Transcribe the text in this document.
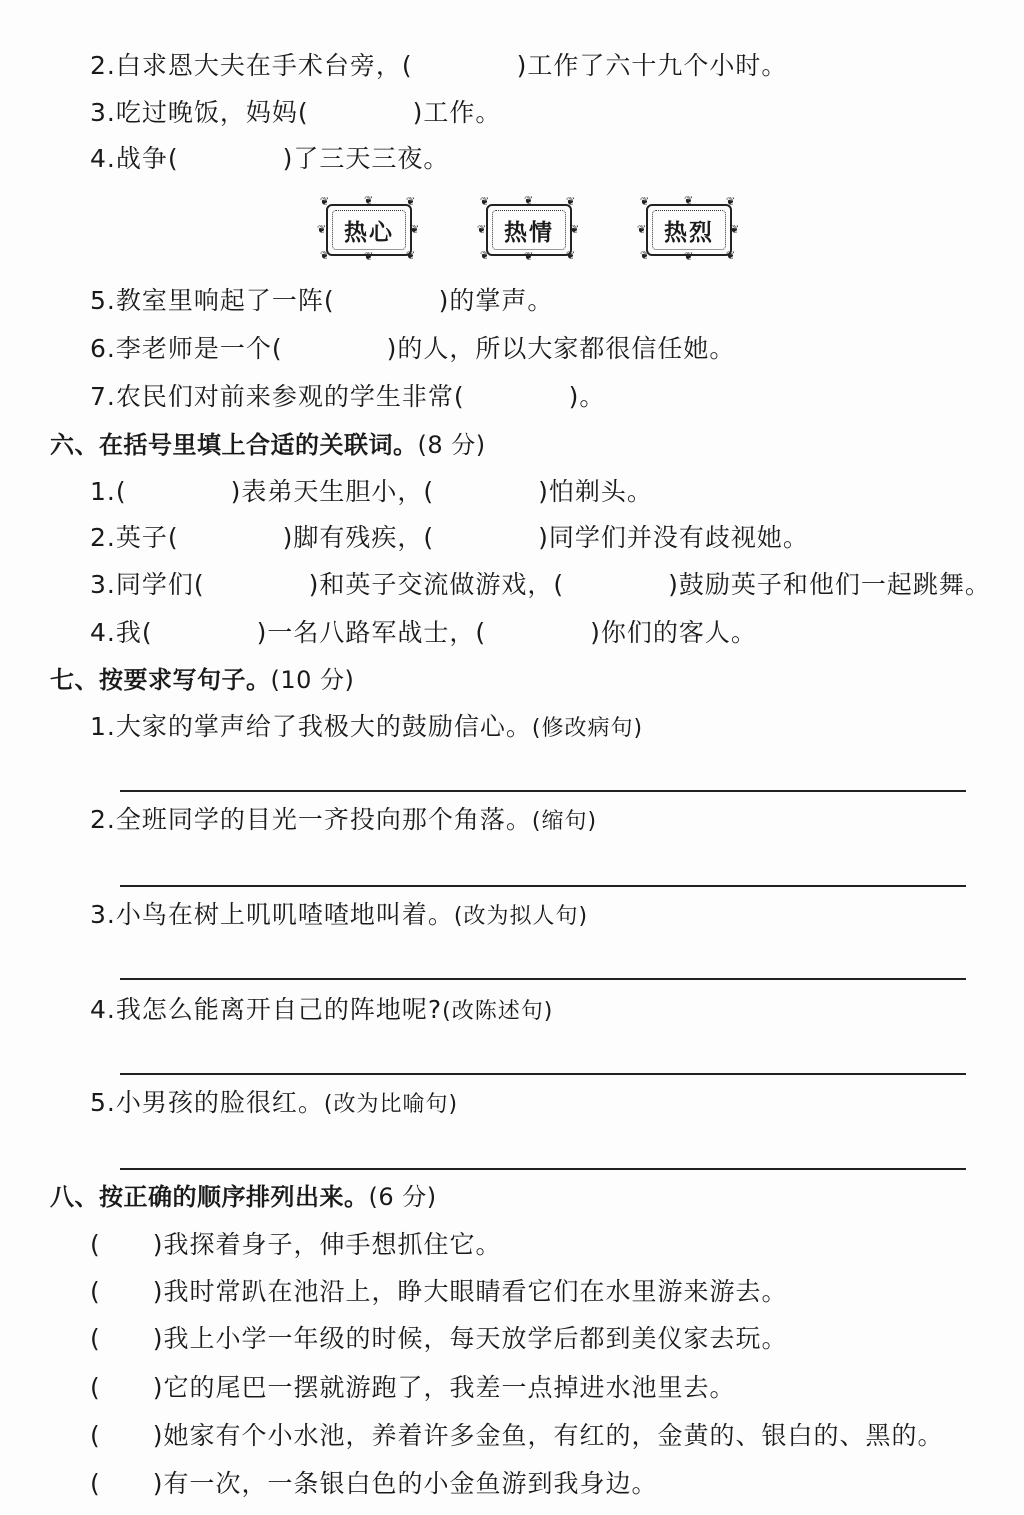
2.白求恩大夫在手术台旁，(　　　　)工作了六十九个小时。
3.吃过晚饭，妈妈(　　　　)工作。
4.战争(　　　　)了三天三夜。
热心	热情	热烈
5.教室里响起了一阵(　　　　)的掌声。
6.李老师是一个(　　　　)的人，所以大家都很信任她。
7.农民们对前来参观的学生非常(　　　　)。
六、在括号里填上合适的关联词。(8 分)
1.(　　　　)表弟天生胆小，(　　　　)怕剃头。
2.英子(　　　　)脚有残疾，(　　　　)同学们并没有歧视她。
3.同学们(　　　　)和英子交流做游戏，(　　　　)鼓励英子和他们一起跳舞。
4.我(　　　　)一名八路军战士，(　　　　)你们的客人。
七、按要求写句子。(10 分)
1.大家的掌声给了我极大的鼓励信心。(修改病句)
2.全班同学的目光一齐投向那个角落。(缩句)
3.小鸟在树上叽叽喳喳地叫着。(改为拟人句)
4.我怎么能离开自己的阵地呢?(改陈述句)
5.小男孩的脸很红。(改为比喻句)
八、按正确的顺序排列出来。(6 分)
(　　)我探着身子，伸手想抓住它。
(　　)我时常趴在池沿上，睁大眼睛看它们在水里游来游去。
(　　)我上小学一年级的时候，每天放学后都到美仪家去玩。
(　　)它的尾巴一摆就游跑了，我差一点掉进水池里去。
(　　)她家有个小水池，养着许多金鱼，有红的，金黄的、银白的、黑的。
(　　)有一次，一条银白色的小金鱼游到我身边。
❦	❦
❦	❦
❦
❦
❦	❦
❦	❦
❦	❦
❦
❦
❦	❦
❦	❦
❦	❦
❦
❦
❦	❦
